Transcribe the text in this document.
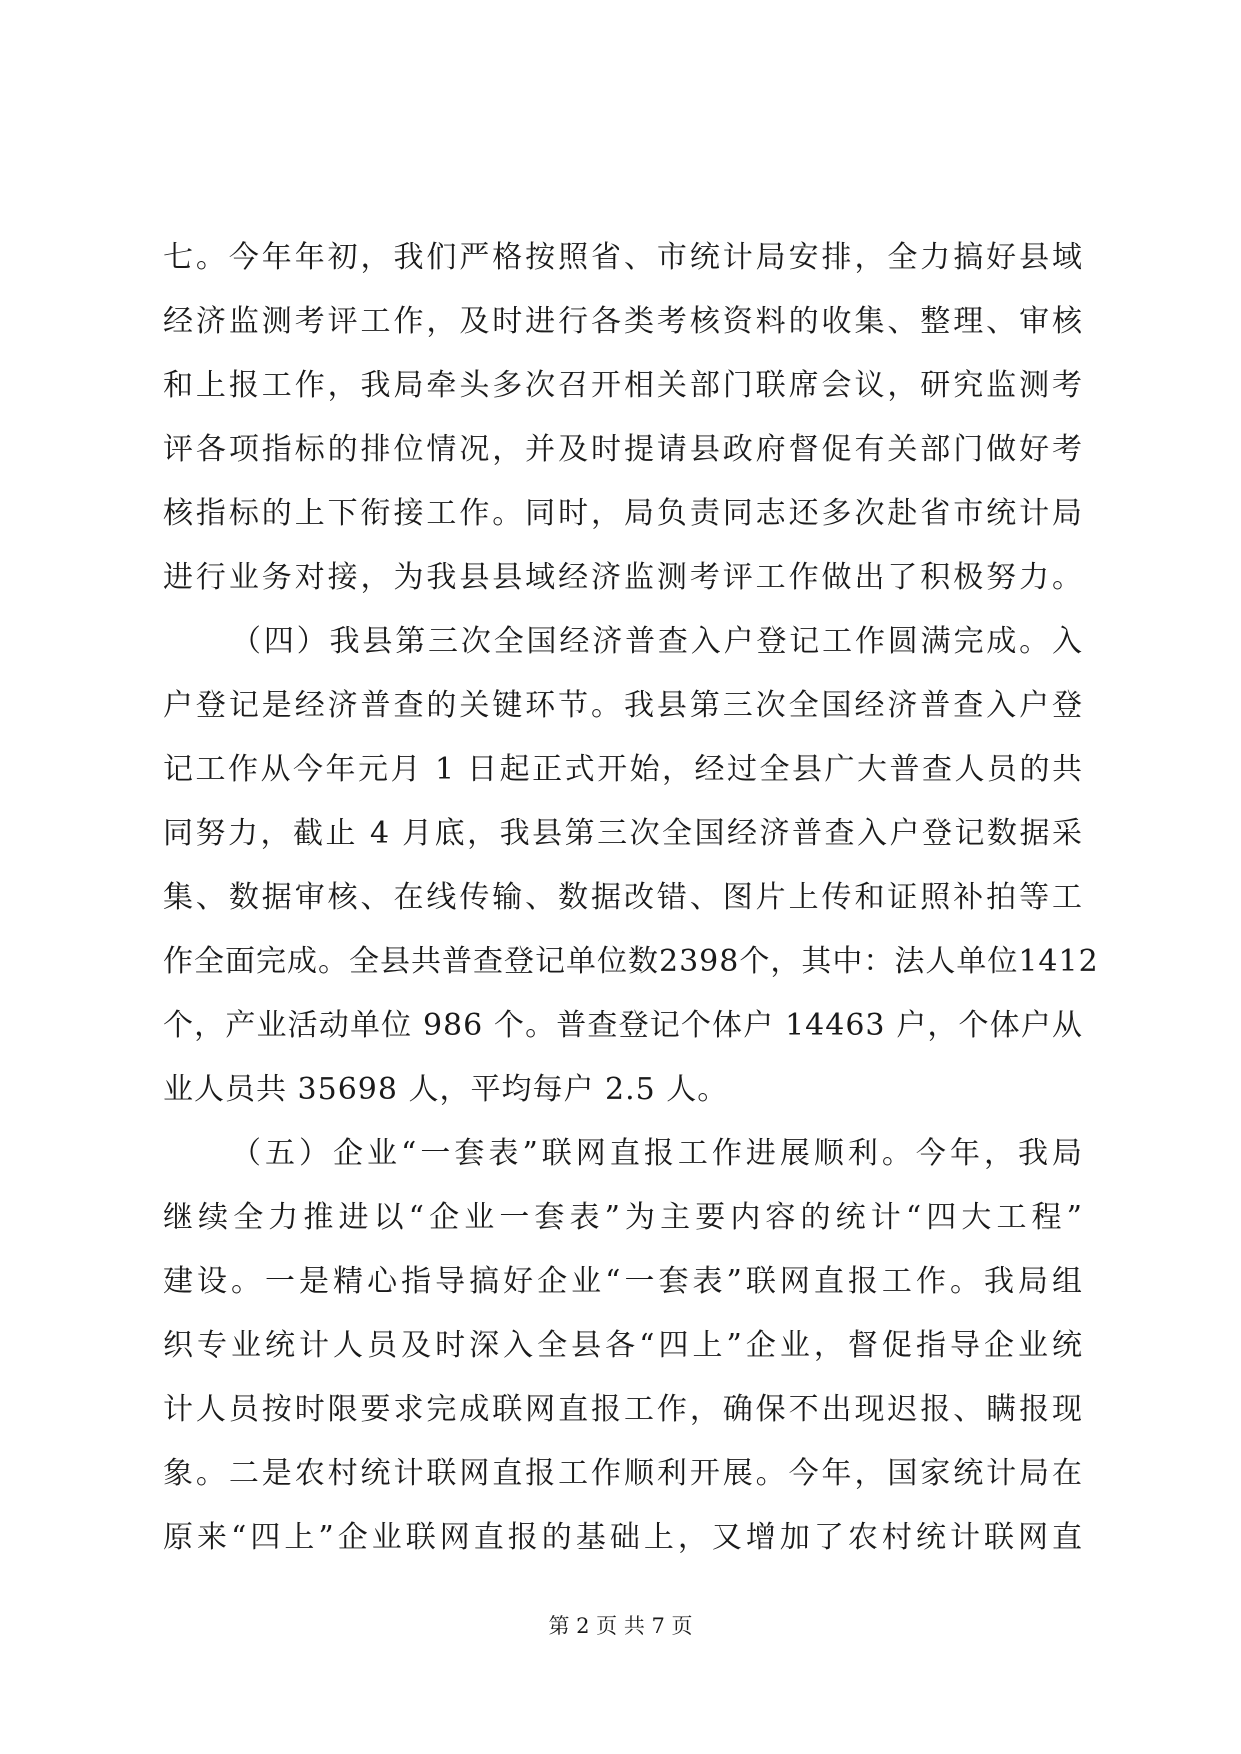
七。今年年初，我们严格按照省、市统计局安排，全力搞好县域
经济监测考评工作，及时进行各类考核资料的收集、整理、审核
和上报工作，我局牵头多次召开相关部门联席会议，研究监测考
评各项指标的排位情况，并及时提请县政府督促有关部门做好考
核指标的上下衔接工作。同时，局负责同志还多次赴省市统计局
进行业务对接，为我县县域经济监测考评工作做出了积极努力。
（四）我县第三次全国经济普查入户登记工作圆满完成。入
户登记是经济普查的关键环节。我县第三次全国经济普查入户登
记工作从今年元月 1 日起正式开始，经过全县广大普查人员的共
同努力，截止 4 月底，我县第三次全国经济普查入户登记数据采
集、数据审核、在线传输、数据改错、图片上传和证照补拍等工
作全面完成。全县共普查登记单位数2398个，其中：法人单位1412
个，产业活动单位 986 个。普查登记个体户 14463 户，个体户从
业人员共 35698 人，平均每户 2.5 人。
（五）企业“一套表”联网直报工作进展顺利。今年，我局
继续全力推进以“企业一套表”为主要内容的统计“四大工程”
建设。一是精心指导搞好企业“一套表”联网直报工作。我局组
织专业统计人员及时深入全县各“四上”企业，督促指导企业统
计人员按时限要求完成联网直报工作，确保不出现迟报、瞒报现
象。二是农村统计联网直报工作顺利开展。今年，国家统计局在
原来“四上”企业联网直报的基础上，又增加了农村统计联网直
第 2 页 共 7 页
